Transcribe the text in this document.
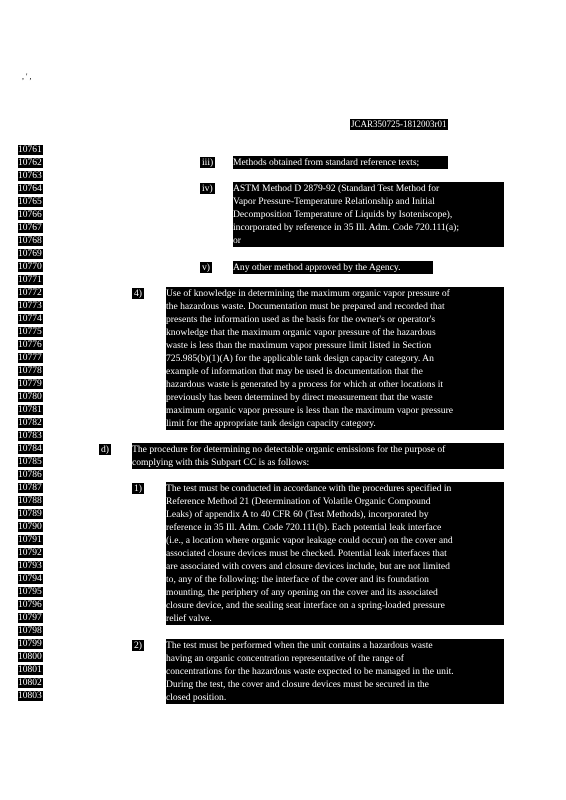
, ' ,
JCAR350725-1812003r01
10761
10762
10763
10764
10765
10766
10767
10768
10769
10770
10771
10772
10773
10774
10775
10776
10777
10778
10779
10780
10781
10782
10783
10784
10785
10786
10787
10788
10789
10790
10791
10792
10793
10794
10795
10796
10797
10798
10799
10800
10801
10802
10803
iii) Methods obtained from standard reference texts;
iv) ASTM Method D 2879-92 (Standard Test Method for
Vapor Pressure-Temperature Relationship and Initial
Decomposition Temperature of Liquids by Isoteniscope),
incorporated by reference in 35 Ill. Adm. Code 720.111(a);
or
v) Any other method approved by the Agency.
4)	Use of knowledge in determining the maximum organic vapor pressure of
the hazardous waste. Documentation must be prepared and recorded that
presents the information used as the basis for the owner's or operator's
knowledge that the maximum organic vapor pressure of the hazardous
waste is less than the maximum vapor pressure limit listed in Section
725.985(b)(1)(A) for the applicable tank design capacity category. An
example of information that may be used is documentation that the
hazardous waste is generated by a process for which at other locations it
previously has been determined by direct measurement that the waste
maximum organic vapor pressure is less than the maximum vapor pressure
limit for the appropriate tank design capacity category.
d) The procedure for determining no detectable organic emissions for the purpose of
complying with this Subpart CC is as follows:
1)	The test must be conducted in accordance with the procedures specified in
Reference Method 21 (Determination of Volatile Organic Compound
Leaks) of appendix A to 40 CFR 60 (Test Methods), incorporated by
reference in 35 Ill. Adm. Code 720.111(b). Each potential leak interface
(i.e., a location where organic vapor leakage could occur) on the cover and
associated closure devices must be checked. Potential leak interfaces that
are associated with covers and closure devices include, but are not limited
to, any of the following: the interface of the cover and its foundation
mounting, the periphery of any opening on the cover and its associated
closure device, and the sealing seat interface on a spring-loaded pressure
relief valve.
2)	The test must be performed when the unit contains a hazardous waste
having an organic concentration representative of the range of
concentrations for the hazardous waste expected to be managed in the unit.
During the test, the cover and closure devices must be secured in the
closed position.
